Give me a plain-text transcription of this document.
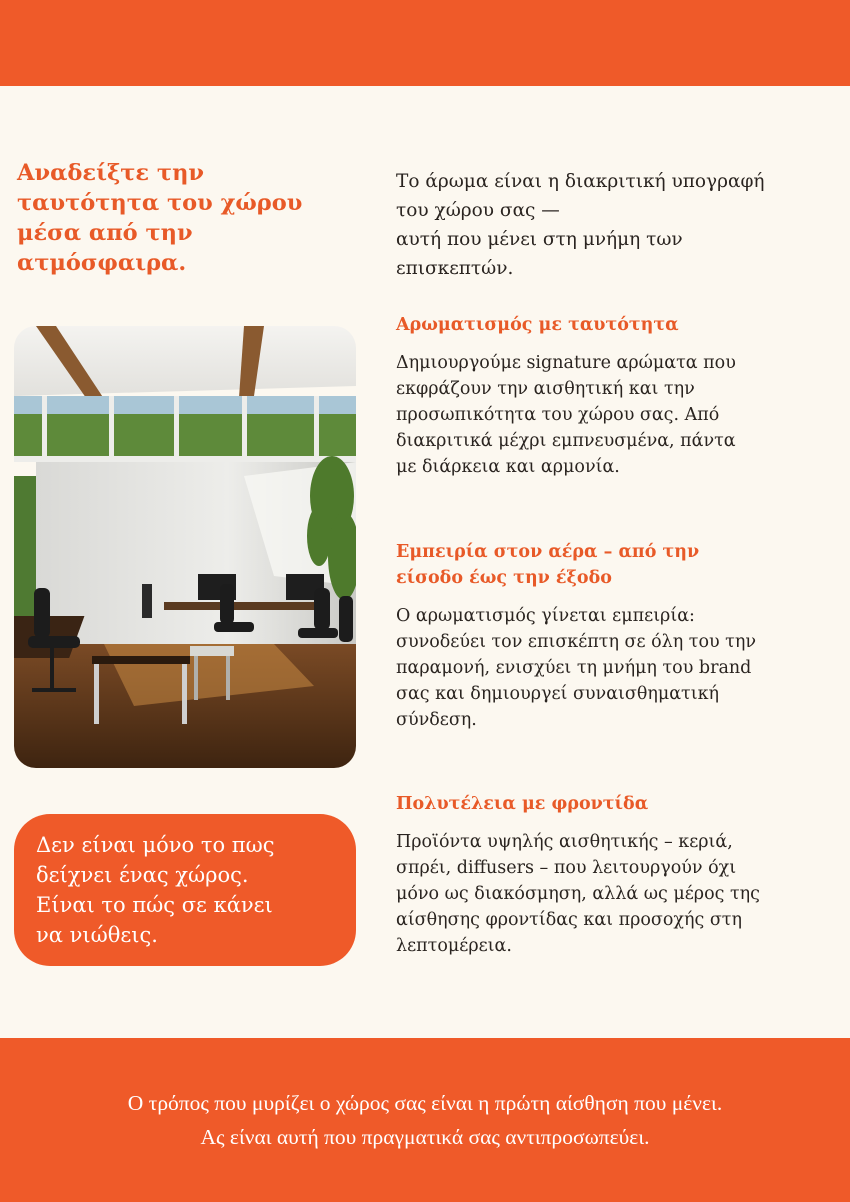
Αναδείξτε την
ταυτότητα του χώρου
μέσα από την
ατμόσφαιρα.
Δεν είναι μόνο το πως
δείχνει ένας χώρος.
Είναι το πώς σε κάνει
να νιώθεις.
Το άρωμα είναι η διακριτική υπογραφή
του χώρου σας —
αυτή που μένει στη μνήμη των
επισκεπτών.
Αρωματισμός με ταυτότητα
Δημιουργούμε signature αρώματα που
εκφράζουν την αισθητική και την
προσωπικότητα του χώρου σας. Από
διακριτικά μέχρι εμπνευσμένα, πάντα
με διάρκεια και αρμονία.
Εμπειρία στον αέρα – από την
είσοδο έως την έξοδο
Ο αρωματισμός γίνεται εμπειρία:
συνοδεύει τον επισκέπτη σε όλη του την
παραμονή, ενισχύει τη μνήμη του brand
σας και δημιουργεί συναισθηματική
σύνδεση.
Πολυτέλεια με φροντίδα
Προϊόντα υψηλής αισθητικής – κεριά,
σπρέι, diffusers – που λειτουργούν όχι
μόνο ως διακόσμηση, αλλά ως μέρος της
αίσθησης φροντίδας και προσοχής στη
λεπτομέρεια.
Ο τρόπος που μυρίζει ο χώρος σας είναι η πρώτη αίσθηση που μένει.
Ας είναι αυτή που πραγματικά σας αντιπροσωπεύει.
